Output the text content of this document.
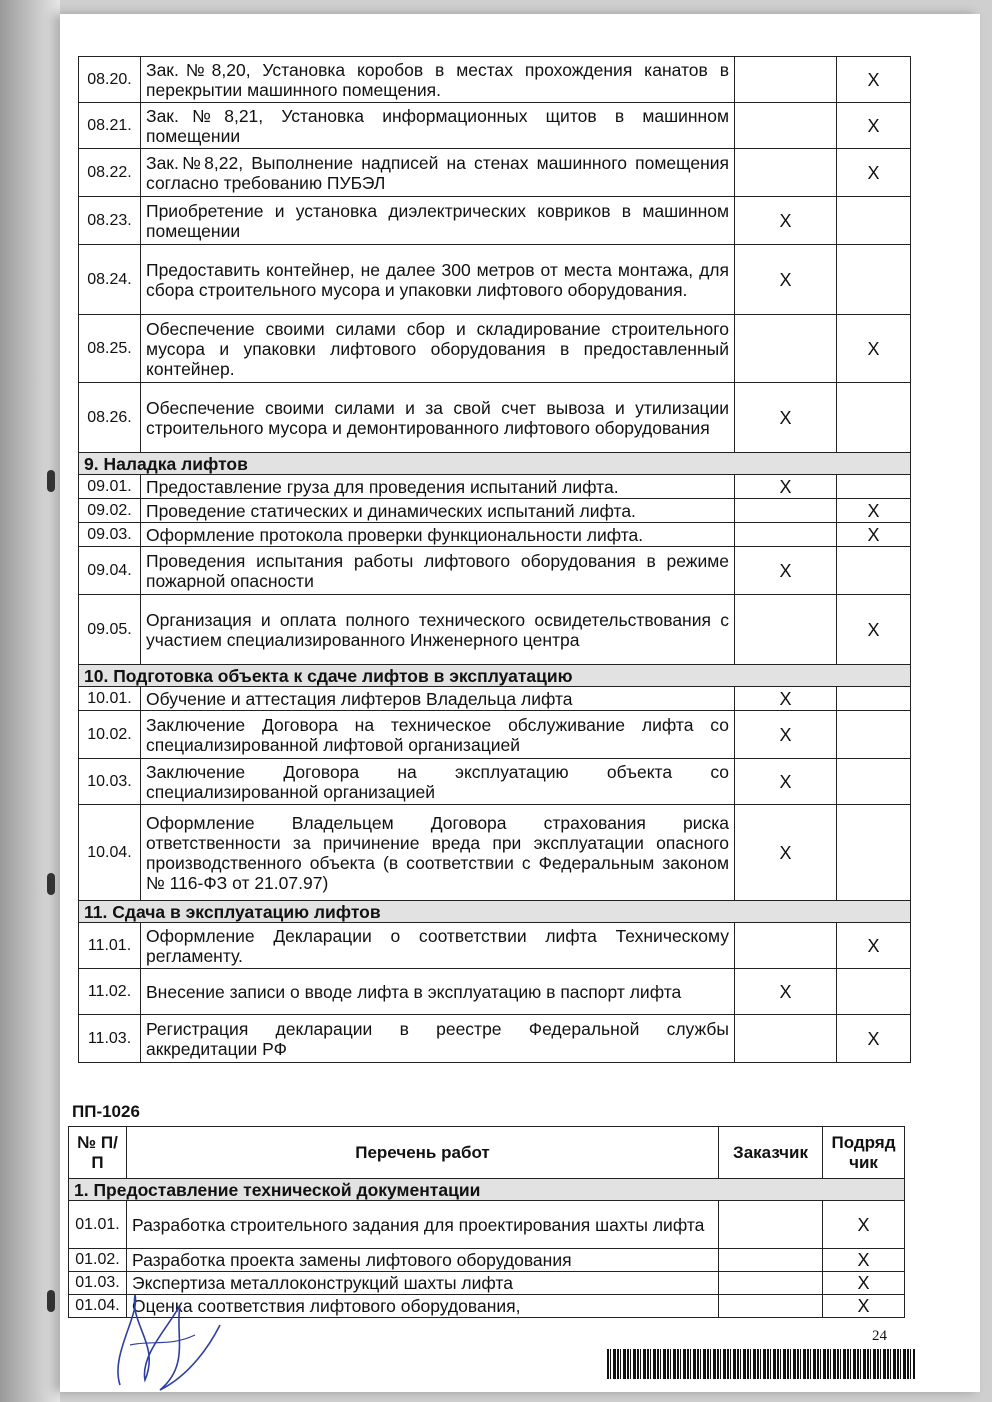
08.20.	Зак.№8,20, Установка коробов в местах прохождения канатов в перекрытии машинного помещения.		X
08.21.	Зак.№8,21, Установка информационных щитов в машинном помещении		X
08.22.	Зак.№8,22, Выполнение надписей на стенах машинного помещения согласно требованию ПУБЭЛ		X
08.23.	Приобретение и установка диэлектрических ковриков в машинном помещении	X	
08.24.	Предоставить контейнер, не далее 300 метров от места монтажа, для сбора строительного мусора и упаковки лифтового оборудования.	X	
08.25.	Обеспечение своими силами сбор и складирование строительного мусора и упаковки лифтового оборудования в предоставленный контейнер.		X
08.26.	Обеспечение своими силами и за свой счет вывоза и утилизации строительного мусора и демонтированного лифтового оборудования	X	
9. Наладка лифтов			
09.01.	Предоставление груза для проведения испытаний лифта.	X	
09.02.	Проведение статических и динамических испытаний лифта.		X
09.03.	Оформление протокола проверки функциональности лифта.		X
09.04.	Проведения испытания работы лифтового оборудования в режиме пожарной опасности	X	
09.05.	Организация и оплата полного технического освидетельствования с участием специализированного Инженерного центра		X
10. Подготовка объекта к сдаче лифтов в эксплуатацию			
10.01.	Обучение и аттестация лифтеров Владельца лифта	X	
10.02.	Заключение Договора на техническое обслуживание лифта со специализированной лифтовой организацией	X	
10.03.	Заключение Договора на эксплуатацию объекта со специализированной организацией	X	
10.04.	Оформление Владельцем Договора страхования риска ответственности за причинение вреда при эксплуатации опасного производственного объекта (в соответствии с Федеральным законом № 116-ФЗ от 21.07.97)	X	
11. Сдача в эксплуатацию лифтов			
11.01.	Оформление Декларации о соответствии лифта Техническому регламенту.		X
11.02.	Внесение записи о вводе лифта в эксплуатацию в паспорт лифта	X	
11.03.	Регистрация декларации в реестре Федеральной службы аккредитации РФ		X
ПП-1026
№ П/П	Перечень работ	Заказчик	Подряд чик
1. Предоставление технической документации			
01.01.	Разработка строительного задания для проектирования шахты лифта		X
01.02.	Разработка проекта замены лифтового оборудования		X
01.03.	Экспертиза металлоконструкций шахты лифта		X
01.04.	Оценка соответствия лифтового оборудования,		X
24
